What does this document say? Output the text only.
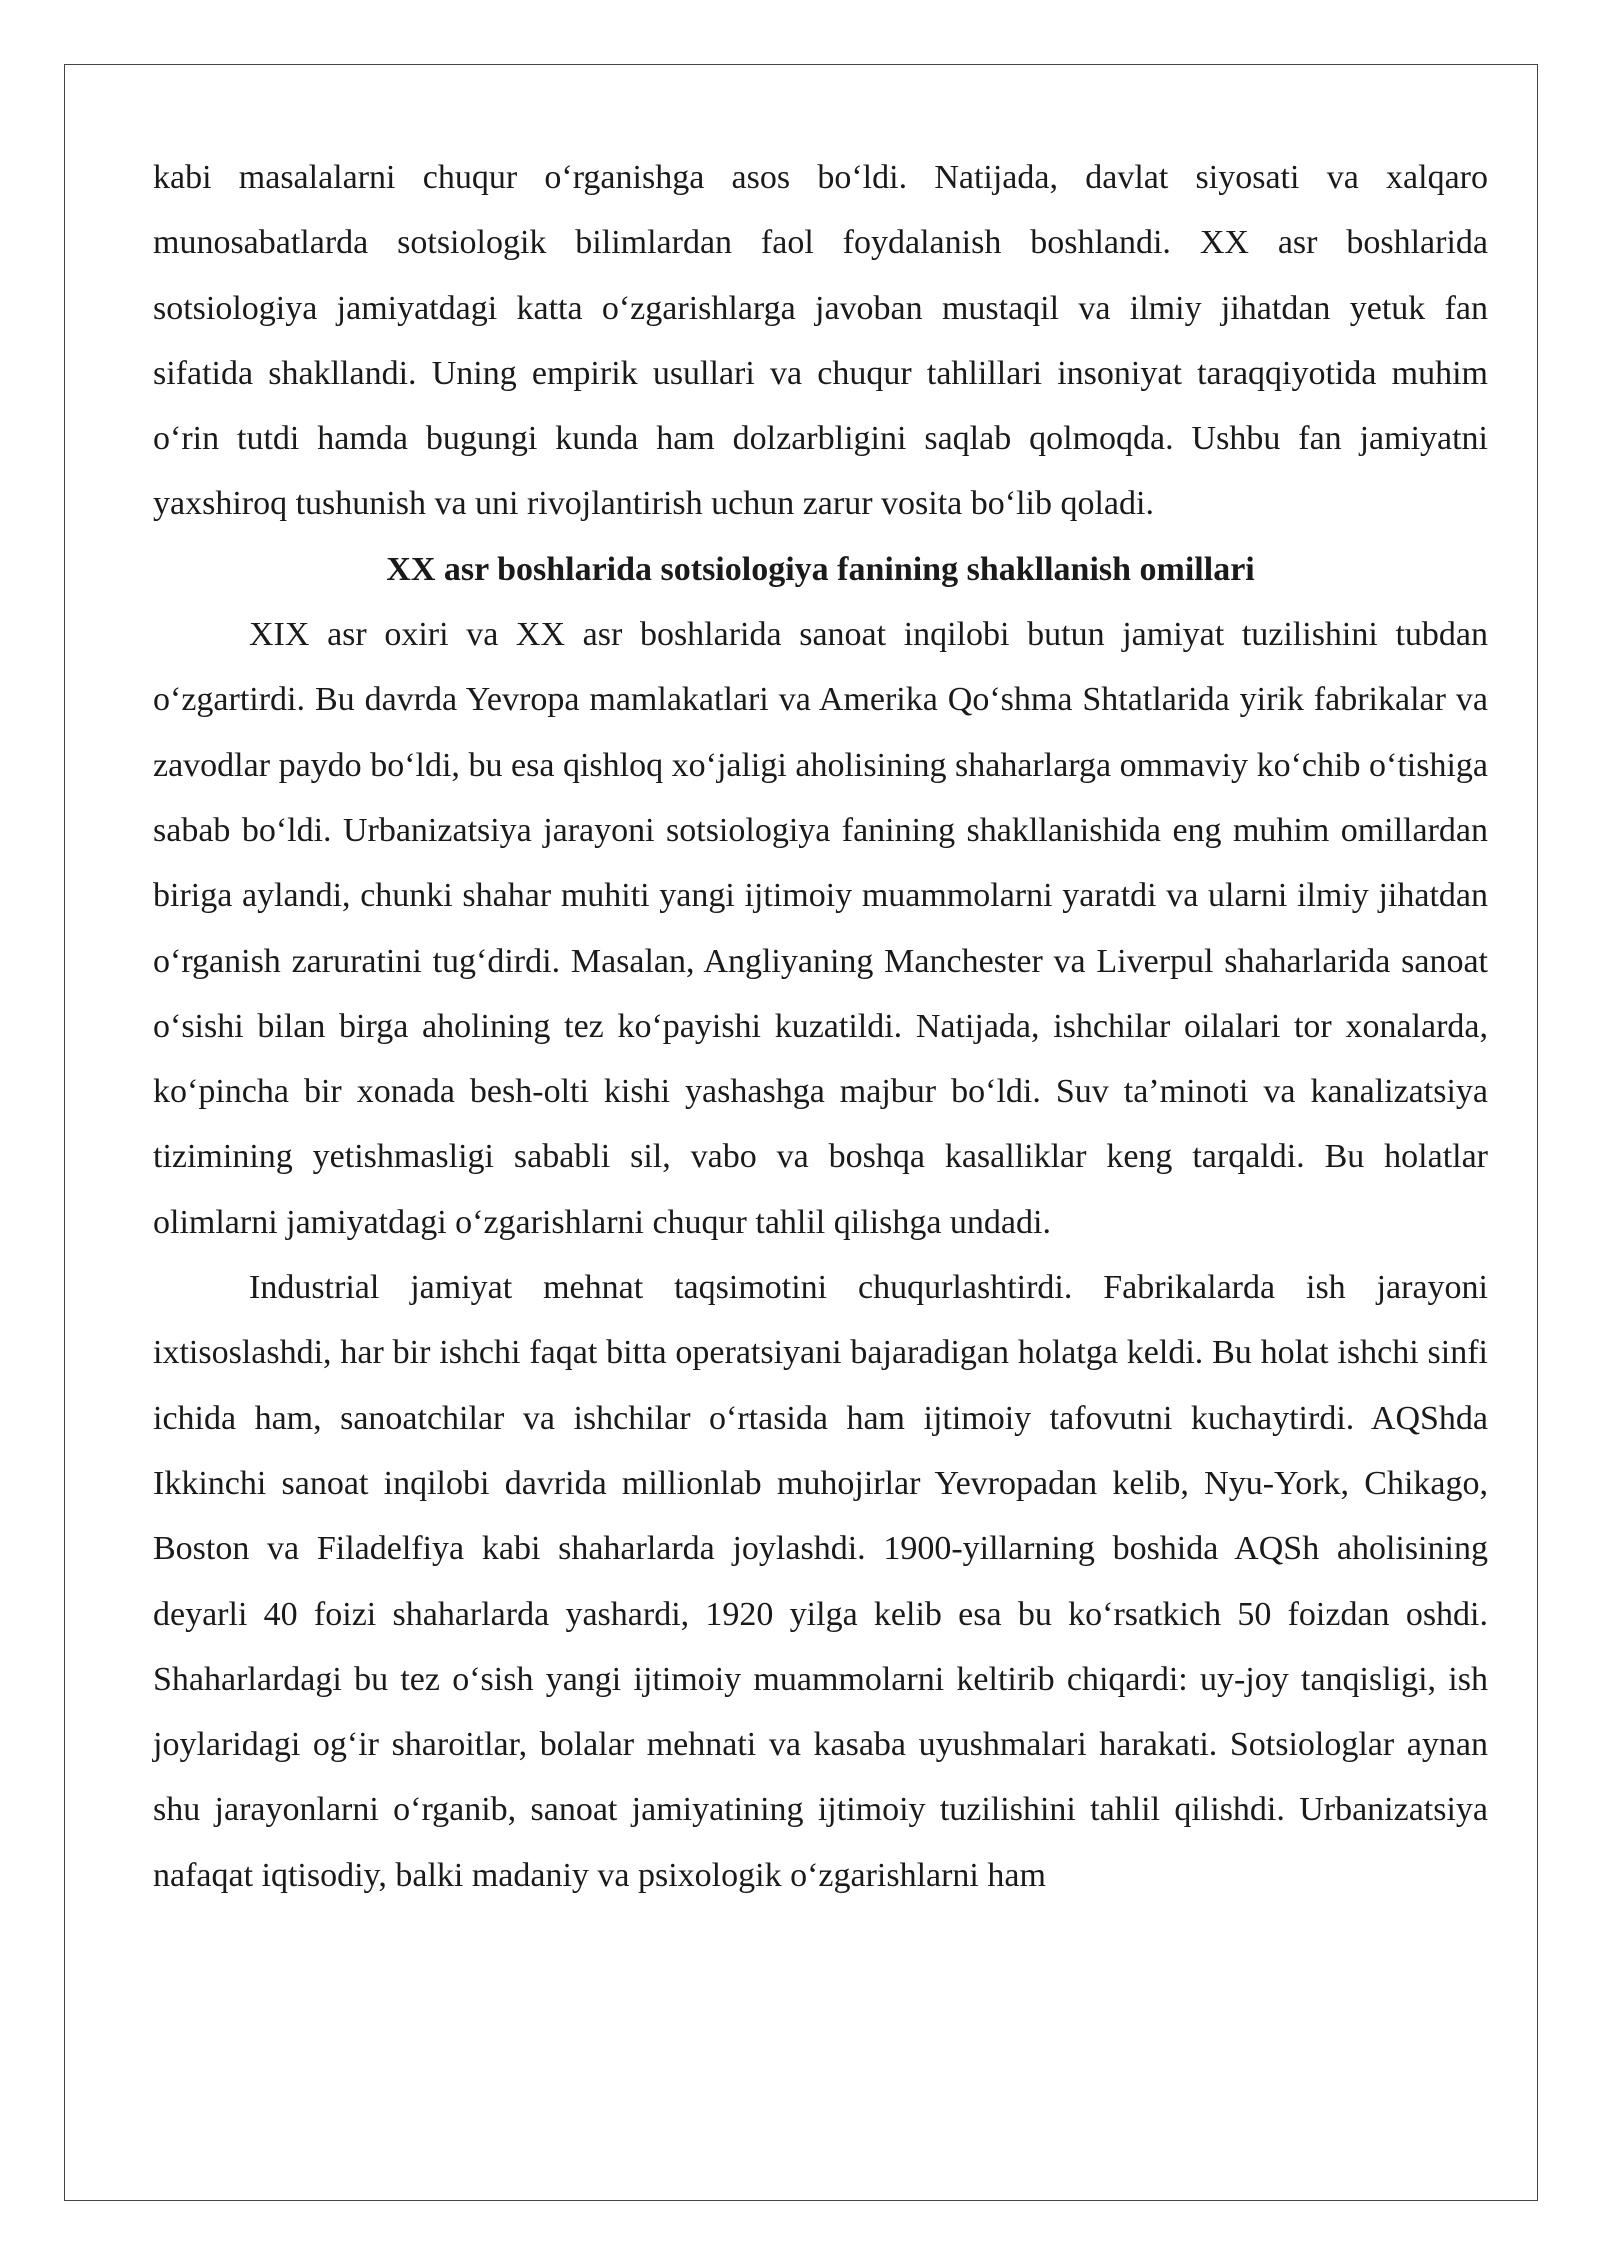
kabi masalalarni chuqur o‘rganishga asos bo‘ldi. Natijada, davlat siyosati va xalqaro munosabatlarda sotsiologik bilimlardan faol foydalanish boshlandi. XX asr boshlarida sotsiologiya jamiyatdagi katta o‘zgarishlarga javoban mustaqil va ilmiy jihatdan yetuk fan sifatida shakllandi. Uning empirik usullari va chuqur tahlillari insoniyat taraqqiyotida muhim o‘rin tutdi hamda bugungi kunda ham dolzarbligini saqlab qolmoqda. Ushbu fan jamiyatni yaxshiroq tushunish va uni rivojlantirish uchun zarur vosita bo‘lib qoladi.

XX asr boshlarida sotsiologiya fanining shakllanish omillari

XIX asr oxiri va XX asr boshlarida sanoat inqilobi butun jamiyat tuzilishini tubdan o‘zgartirdi. Bu davrda Yevropa mamlakatlari va Amerika Qo‘shma Shtatlarida yirik fabrikalar va zavodlar paydo bo‘ldi, bu esa qishloq xo‘jaligi aholisining shaharlarga ommaviy ko‘chib o‘tishiga sabab bo‘ldi. Urbanizatsiya jarayoni sotsiologiya fanining shakllanishida eng muhim omillardan biriga aylandi, chunki shahar muhiti yangi ijtimoiy muammolarni yaratdi va ularni ilmiy jihatdan o‘rganish zaruratini tug‘dirdi. Masalan, Angliyaning Manchester va Liverpul shaharlarida sanoat o‘sishi bilan birga aholining tez ko‘payishi kuzatildi. Natijada, ishchilar oilalari tor xonalarda, ko‘pincha bir xonada besh-olti kishi yashashga majbur bo‘ldi. Suv ta’minoti va kanalizatsiya tizimining yetishmasligi sababli sil, vabo va boshqa kasalliklar keng tarqaldi. Bu holatlar olimlarni jamiyatdagi o‘zgarishlarni chuqur tahlil qilishga undadi.

Industrial jamiyat mehnat taqsimotini chuqurlashtirdi. Fabrikalarda ish jarayoni ixtisoslashdi, har bir ishchi faqat bitta operatsiyani bajaradigan holatga keldi. Bu holat ishchi sinfi ichida ham, sanoatchilar va ishchilar o‘rtasida ham ijtimoiy tafovutni kuchaytirdi. AQShda Ikkinchi sanoat inqilobi davrida millionlab muhojirlar Yevropadan kelib, Nyu-York, Chikago, Boston va Filadelfiya kabi shaharlarda joylashdi. 1900-yillarning boshida AQSh aholisining deyarli 40 foizi shaharlarda yashardi, 1920 yilga kelib esa bu ko‘rsatkich 50 foizdan oshdi. Shaharlardagi bu tez o‘sish yangi ijtimoiy muammolarni keltirib chiqardi: uy-joy tanqisligi, ish joylaridagi og‘ir sharoitlar, bolalar mehnati va kasaba uyushmalari harakati. Sotsiologlar aynan shu jarayonlarni o‘rganib, sanoat jamiyatining ijtimoiy tuzilishini tahlil qilishdi. Urbanizatsiya nafaqat iqtisodiy, balki madaniy va psixologik o‘zgarishlarni ham
